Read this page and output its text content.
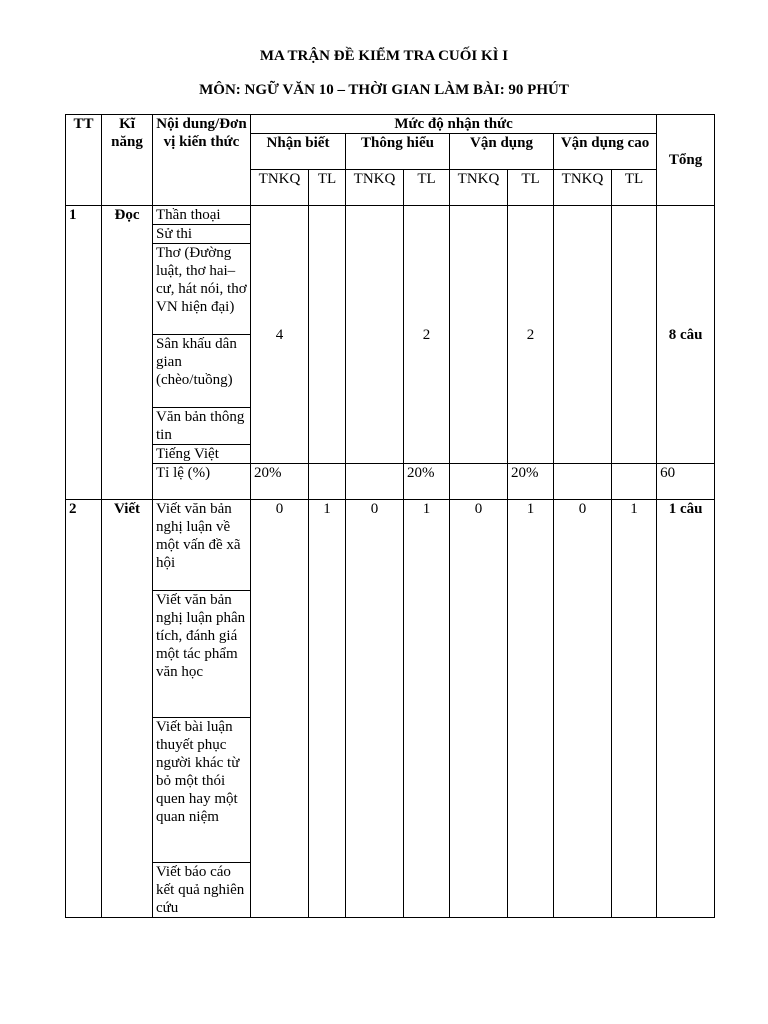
MA TRẬN ĐỀ KIỂM TRA CUỐI KÌ I
MÔN: NGỮ VĂN 10 – THỜI GIAN LÀM BÀI: 90 PHÚT
TT	Kĩ năng	Nội dung/Đơn vị kiến thức	Mức độ nhận thức								Tổng
			Nhận biết		Thông hiểu		Vận dụng		Vận dụng cao		
			TNKQ	TL	TNKQ	TL	TNKQ	TL	TNKQ	TL	
1	Đọc	Thần thoại	4			2		2			8 câu
		Sử thi									
		Thơ (Đường luật, thơ hai–cư, hát nói, thơ VN hiện đại)									
		Sân khấu dân gian (chèo/tuồng)									
		Văn bản thông tin									
		Tiếng Việt									
		Tỉ lệ (%)	20%			20%		20%			60
2	Viết	Viết văn bản nghị luận về một vấn đề xã hội	0	1	0	1	0	1	0	1	1 câu
		Viết văn bản nghị luận phân tích, đánh giá một tác phẩm văn học									
		Viết bài luận thuyết phục người khác từ bỏ một thói quen hay một quan niệm									
		Viết báo cáo kết quả nghiên cứu									
